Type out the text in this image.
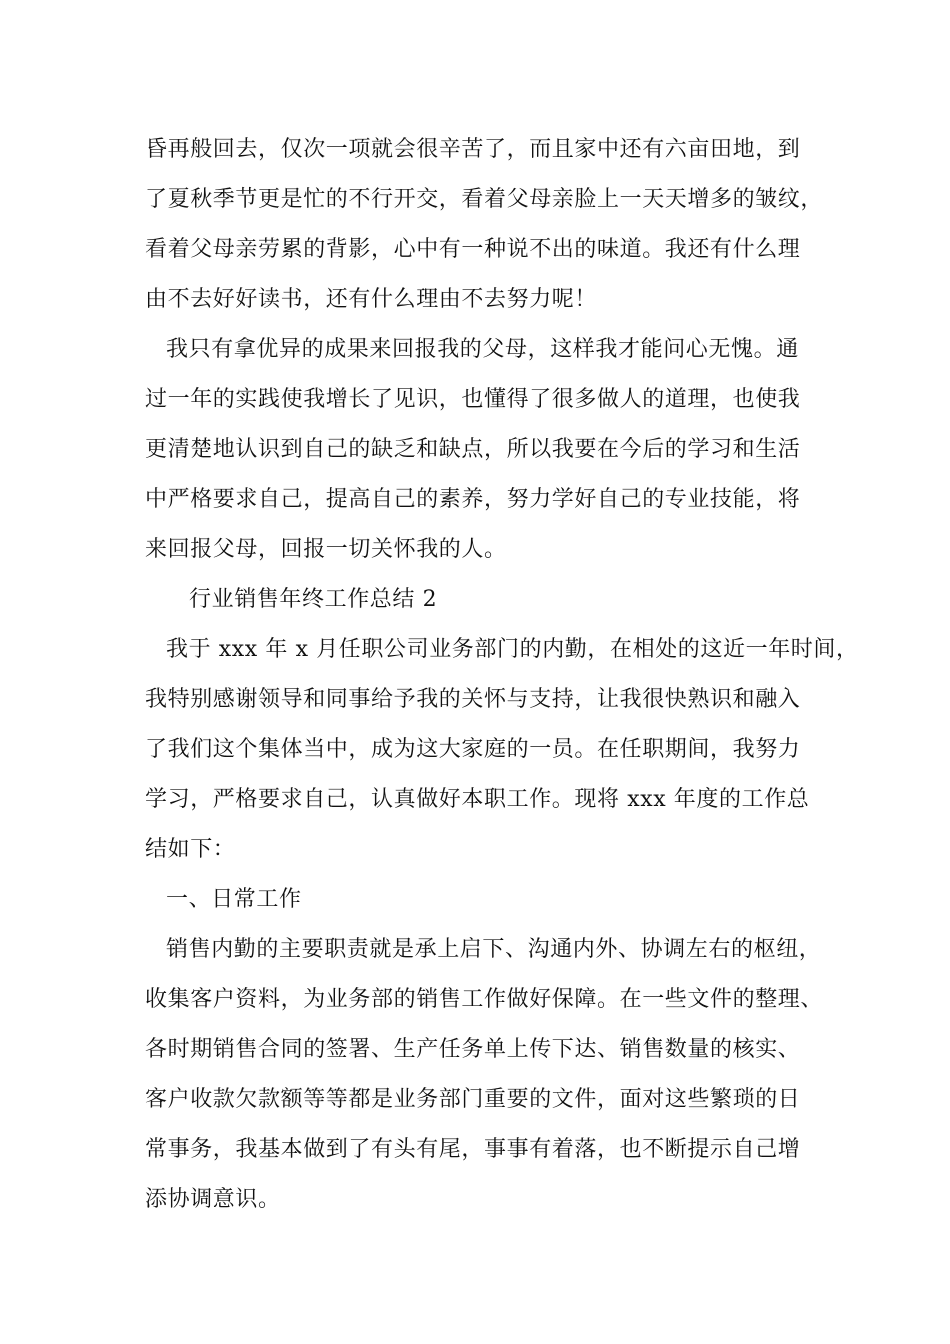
昏再般回去，仅次一项就会很辛苦了，而且家中还有六亩田地，到
了夏秋季节更是忙的不行开交，看着父母亲脸上一天天增多的皱纹，
看着父母亲劳累的背影，心中有一种说不出的味道。我还有什么理
由不去好好读书，还有什么理由不去努力呢！
我只有拿优异的成果来回报我的父母，这样我才能问心无愧。通
过一年的实践使我增长了见识，也懂得了很多做人的道理，也使我
更清楚地认识到自己的缺乏和缺点，所以我要在今后的学习和生活
中严格要求自己，提高自己的素养，努力学好自己的专业技能，将
来回报父母，回报一切关怀我的人。
行业销售年终工作总结 2
我于 xxx 年 x 月任职公司业务部门的内勤，在相处的这近一年时间，
我特别感谢领导和同事给予我的关怀与支持，让我很快熟识和融入
了我们这个集体当中，成为这大家庭的一员。在任职期间，我努力
学习，严格要求自己，认真做好本职工作。现将 xxx 年度的工作总
结如下：
一、日常工作
销售内勤的主要职责就是承上启下、沟通内外、协调左右的枢纽，
收集客户资料，为业务部的销售工作做好保障。在一些文件的整理、
各时期销售合同的签署、生产任务单上传下达、销售数量的核实、
客户收款欠款额等等都是业务部门重要的文件，面对这些繁琐的日
常事务，我基本做到了有头有尾，事事有着落，也不断提示自己增
添协调意识。
